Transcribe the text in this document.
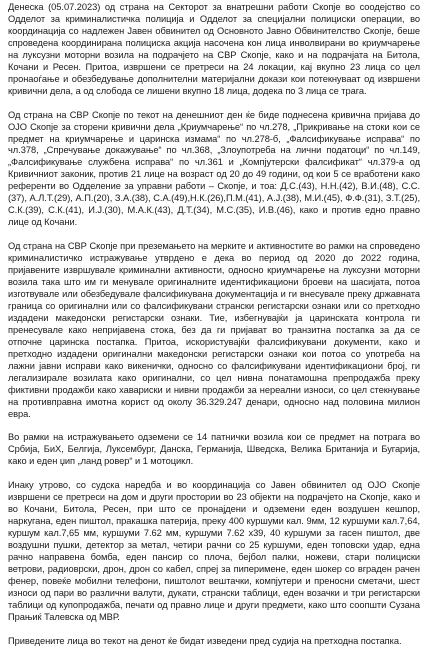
Денеска (05.07.2023) од страна на Секторот за внатрешни работи Скопје во соодејство со Одделот за криминалистичка полиција и Одделот за специјални полициски операции, во координација со надлежен Јавен обвинител од Основното Јавно Обвинителство Скопје, беше спроведена координирана полициска акција насочена кон лица инволвирани во криумчарење на луксузни моторни возила на подрачјето на СВР Скопје, како и на подрачјата на Битола, Кочани и Ресен. Притоа, извршени се претреси на 24 локации, кај вкупно 23 лица со цел пронаоѓање и обезбедување дополнителни материјални докази кои потекнуваат од извршени кривични дела, а од слобода се лишени вкупно 18 лица, додека по 3 лица се трага.

Од страна на СВР Скопје по текот на денешниот ден ќе биде поднесена кривична пријава до ОЈО Скопје за сторени кривични дела „Криумчарење“ по чл.278, „Прикривање на стоки кои се предмет на криумчарење и царинска измама“ по чл.278-б, „Фалсификување исправа“ по чл.378, „Спречување докажување“ по чл.368, „Злоупотреба на лични податоци“ по чл.149, „Фалсификување службена исправа“ по чл.361 и „Компјутерски фалсификат“ чл.379-а од Кривичниот законик, против 21 лице на возраст од 20 до 49 години, од кои 5 се вработени како референти во Одделение за управни работи – Скопје, и тоа: Д.С.(43), Н.Н.(42), В.И.(48), С.С.(37), А.Л.Т.(29), А.П.(20), З.А.(38), С.А.(49),Н.К.(26),П.М.(41), А.Ј.(38), М.И.(45), Ф.Ф.(31), З.Т.(25), С.К.(39), С.К.(41), И.Ј.(30), М.А.К.(43), Д.Т.(34), М.С.(35), И.В.(46), како и против едно правно лице од Кочани.

Од страна на СВР Скопје при преземањето на мерките и активностите во рамки на спроведено криминалистичко истражување утврдено е дека во период од 2020 до 2022 година, пријавените извршувале криминални активности, односно криумчарење на луксузни моторни возила така што им ги менувале оригиналните идентификациони броеви на шасијата, потоа изготвувале или обезбедувале фалсификувана документација и ги внесувале преку државната граница со оригинални или со фалсификувани странски регистарски ознаки или со претходно издадени македонски регистарски ознаки. Тие, избегнувајќи ја царинската контрола ги пренесувале како непријавена стока, без да ги пријават во транзитна постапка за да се отпочне царинска постапка. Притоа, искористувајќи фалсификувани документи, како и претходно издадени оригинални македонски регистарски ознаки кои потоа со употреба на лажни јавни исправи како викенички, односно со фалсификувани идентификациони број, ги легализирале возилата како оригинални, со цел нивна понатамошна препродажба преку фиктивни продажби како хавариски и нивни продажби за нереални износи, со цел стекнување на противправна имотна корист од околу 36.329.247 денари, односно над половина милион евра.

Во рамки на истражувањето одземени се 14 патнички возила кои се предмет на потрага во Србија, БиХ, Белгија, Луксембург, Данска, Германија, Шведска, Велика Британија и Бугарија, како и еден џип „ланд ровер“ и 1 мотоцикл.

Инаку утрово, со судска наредба и во координација со Јавен обвинител од ОЈО Скопје извршени се претреси на дом и други простории во 23 објекти на подрачјето на Скопје, како и во Кочани, Битола, Ресен, при што се пронајдени и одземени еден воздушен кешпор, наркугана, еден пиштол, пракашка патерија, преку 400 куршуми кал. 9мм, 12 куршуми кал.7,64, куршум кал.7,65 мм, куршуми 7.62 мм, куршуми 7.62 х39, 40 куршуми за гасен пиштол, две воздушни пушки, детектор за метал, четири рачни со 25 куршуми, еден топовски удар, една рачно направена бомба, еден пансир со плоча, бејбол палки, ножеви, стари полициски ветрови, радиоврски, дрон, дрон со кабел, спреј за пиперимене, еден шокер со вграден рачен фенер, повеќе мобилни телефони, пиштолот вештачки, компјутери и преносни сметачи, шест износи од пари во различни валути, дукати, странски таблици, еден возачки и три регистарски таблици од купопродажба, печати од правно лице и други предмети, како што соопшти Сузана Прањиќ Талевска од МВР.

Приведените лица во текот на денот ќе бидат изведени пред судија на претходна постапка.
